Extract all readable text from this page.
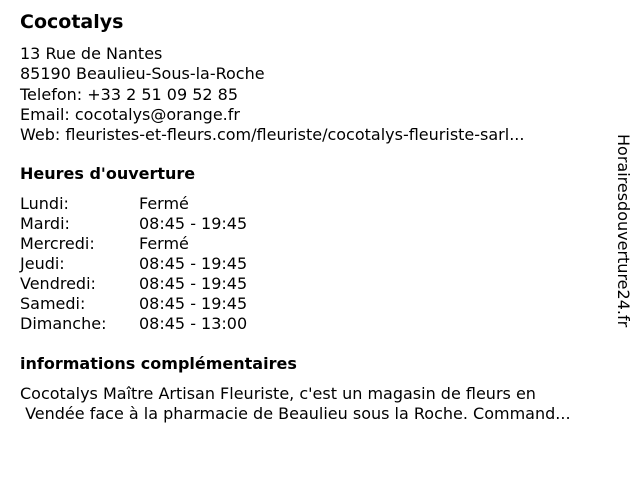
Cocotalys
13 Rue de Nantes
85190 Beaulieu-Sous-la-Roche
Telefon: +33 2 51 09 52 85
Email: cocotalys@orange.fr
Web: fleuristes-et-fleurs.com/fleuriste/cocotalys-fleuriste-sarl...
Heures d'ouverture
Lundi:	Fermé
Mardi:	08:45 - 19:45
Mercredi:	Fermé
Jeudi:	08:45 - 19:45
Vendredi:	08:45 - 19:45
Samedi:	08:45 - 19:45
Dimanche: 08:45 - 13:00
informations complémentaires
Cocotalys Maître Artisan Fleuriste, c'est un magasin de fleurs en
Vendée face à la pharmacie de Beaulieu sous la Roche. Command...
Horairesdouverture24.fr
